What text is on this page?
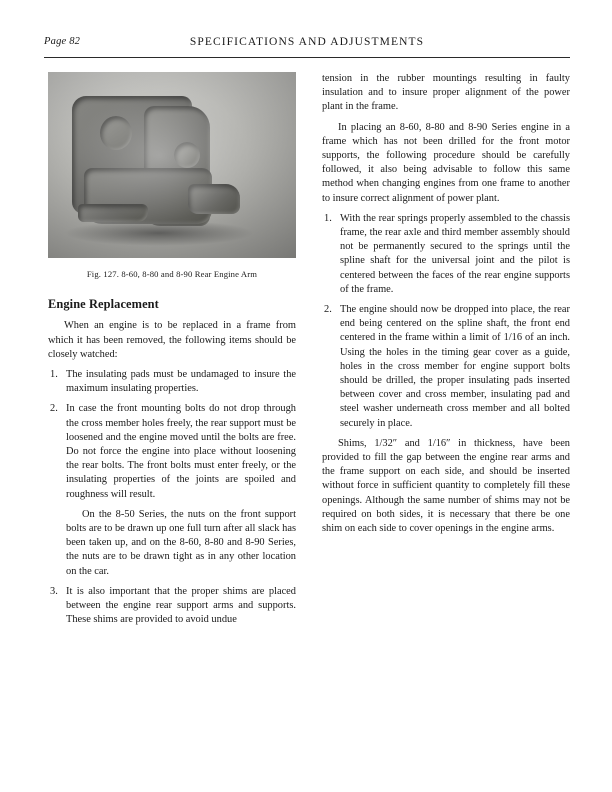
Page 82	SPECIFICATIONS AND ADJUSTMENTS
Fig. 127. 8-60, 8-80 and 8-90 Rear Engine Arm
Engine Replacement

When an engine is to be replaced in a frame from which it has been removed, the following items should be closely watched:

1. The insulating pads must be undamaged to insure the maximum insulating properties.
2. In case the front mounting bolts do not drop through the cross member holes freely, the rear support must be loosened and the engine moved until the bolts are free. Do not force the engine into place without loosening the rear bolts. The front bolts must enter freely, or the insulating properties of the joints are spoiled and roughness will result.
On the 8-50 Series, the nuts on the front support bolts are to be drawn up one full turn after all slack has been taken up, and on the 8-60, 8-80 and 8-90 Series, the nuts are to be drawn tight as in any other location on the car.
3. It is also important that the proper shims are placed between the engine rear support arms and supports. These shims are provided to avoid undue

tension in the rubber mountings resulting in faulty insulation and to insure proper alignment of the power plant in the frame.

In placing an 8-60, 8-80 and 8-90 Series engine in a frame which has not been drilled for the front motor supports, the following procedure should be carefully followed, it also being advisable to follow this same method when changing engines from one frame to another to insure correct alignment of power plant.

1. With the rear springs properly assembled to the chassis frame, the rear axle and third member assembly should not be permanently secured to the springs until the spline shaft for the universal joint and the pilot is centered between the faces of the rear engine supports of the frame.
2. The engine should now be dropped into place, the rear end being centered on the spline shaft, the front end centered in the frame within a limit of 1/16 of an inch. Using the holes in the timing gear cover as a guide, holes in the cross member for engine support bolts should be drilled, the proper insulating pads inserted between cover and cross member, insulating pad and steel washer underneath cross member and all bolted securely in place.

Shims, 1/32″ and 1/16″ in thickness, have been provided to fill the gap between the engine rear arms and the frame support on each side, and should be inserted without force in sufficient quantity to completely fill these openings. Although the same number of shims may not be required on both sides, it is necessary that there be one shim on each side to cover openings in the engine arms.
